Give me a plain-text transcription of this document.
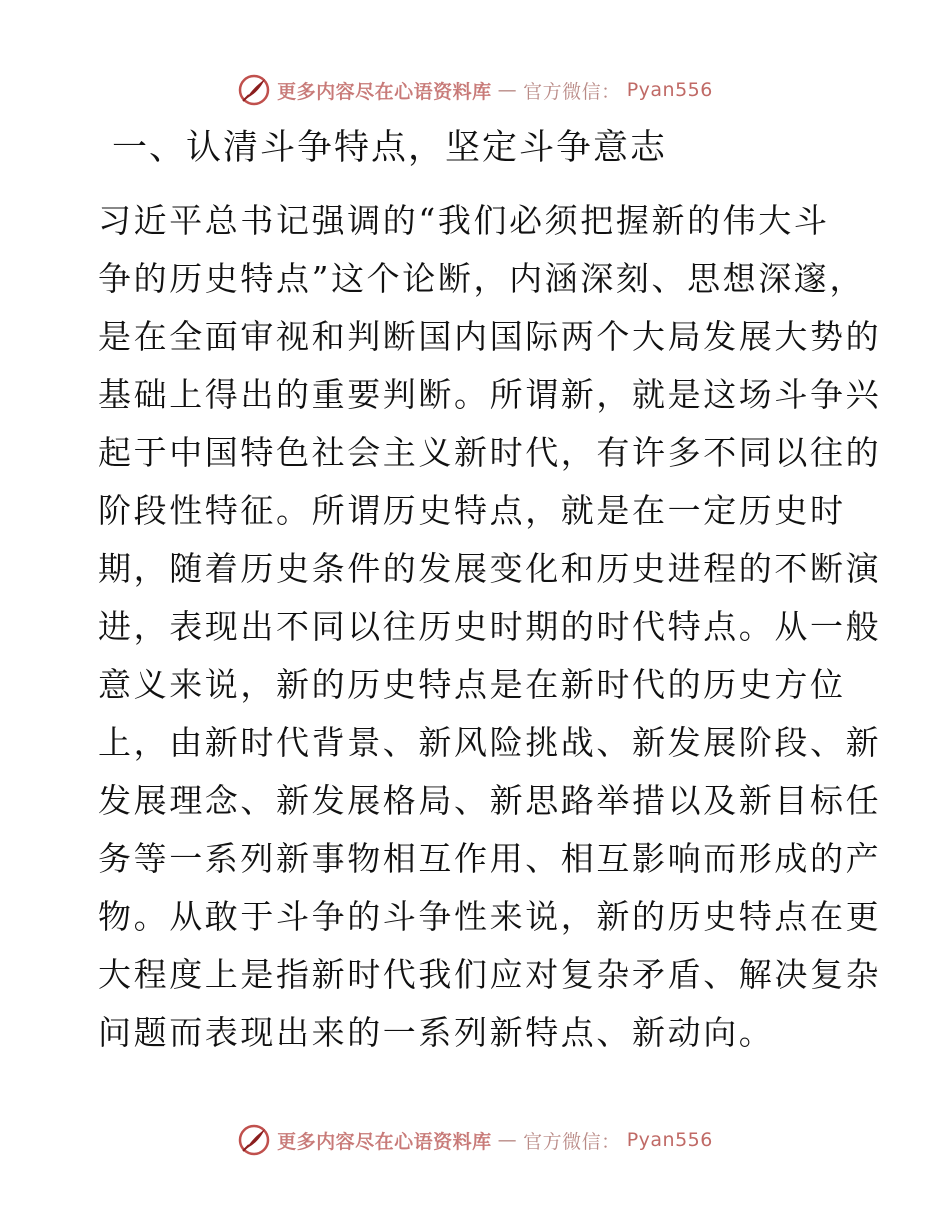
更多内容尽在心语资料库 — 官方微信： Pyan556
一、认清斗争特点，坚定斗争意志
习近平总书记强调的“我们必须把握新的伟大斗
争的历史特点”这个论断，内涵深刻、思想深邃，
是在全面审视和判断国内国际两个大局发展大势的
基础上得出的重要判断。所谓新，就是这场斗争兴
起于中国特色社会主义新时代，有许多不同以往的
阶段性特征。所谓历史特点，就是在一定历史时
期，随着历史条件的发展变化和历史进程的不断演
进，表现出不同以往历史时期的时代特点。从一般
意义来说，新的历史特点是在新时代的历史方位
上，由新时代背景、新风险挑战、新发展阶段、新
发展理念、新发展格局、新思路举措以及新目标任
务等一系列新事物相互作用、相互影响而形成的产
物。从敢于斗争的斗争性来说，新的历史特点在更
大程度上是指新时代我们应对复杂矛盾、解决复杂
问题而表现出来的一系列新特点、新动向。
更多内容尽在心语资料库 — 官方微信： Pyan556
